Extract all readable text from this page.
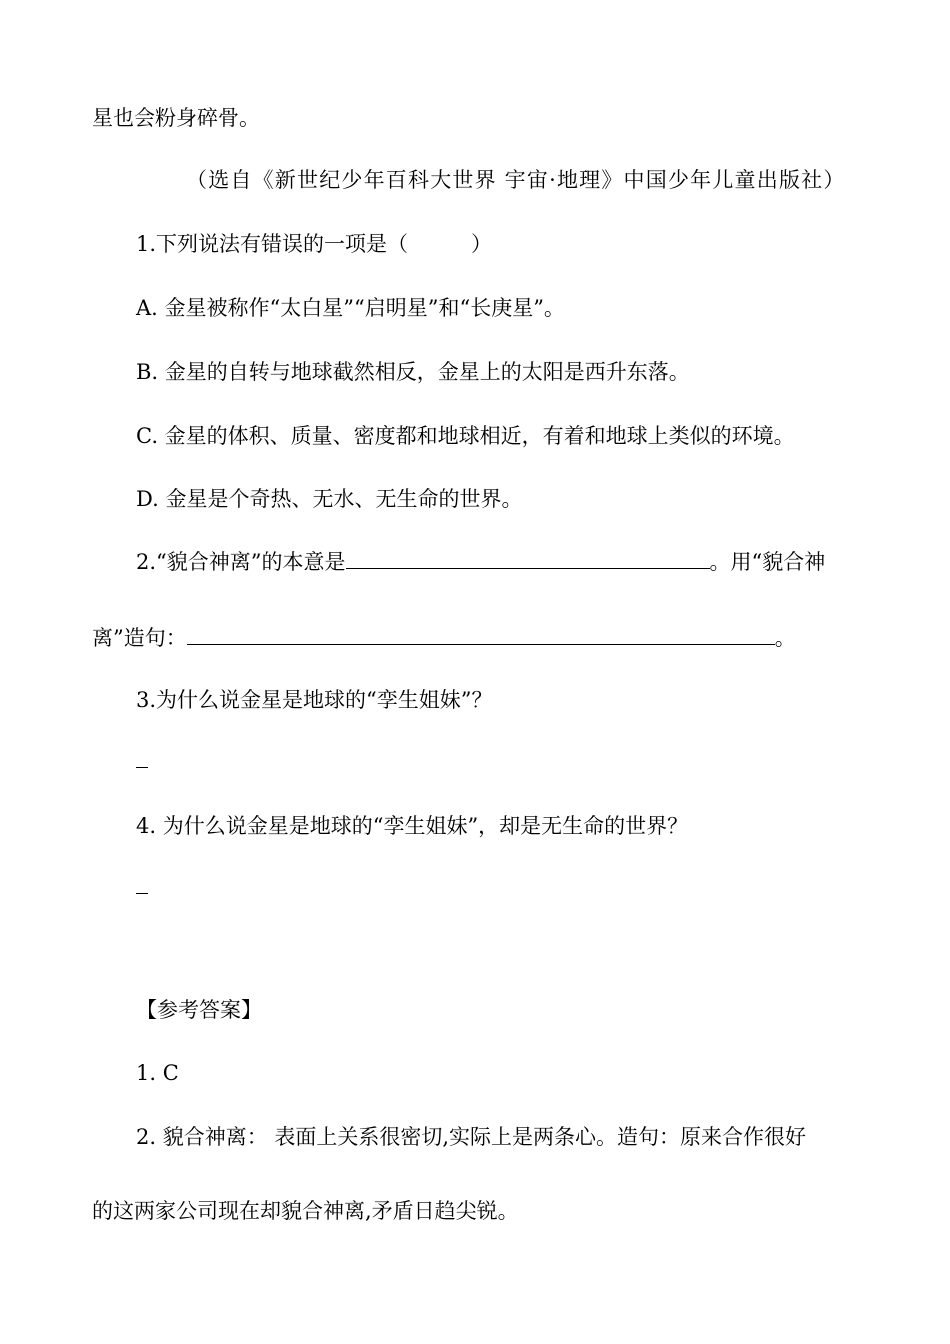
星也会粉身碎骨。
（选自《新世纪少年百科大世界 宇宙·地理》中国少年儿童出版社）
1.下列说法有错误的一项是（　　　）
A. 金星被称作“太白星”“启明星”和“长庚星”。
B. 金星的自转与地球截然相反，金星上的太阳是西升东落。
C. 金星的体积、质量、密度都和地球相近，有着和地球上类似的环境。
D. 金星是个奇热、无水、无生命的世界。
2.“貌合神离”的本意是	。用“貌合神
离”造句：	。
3.为什么说金星是地球的“孪生姐妹”？
4. 为什么说金星是地球的“孪生姐妹”，却是无生命的世界？
【参考答案】
1. C
2. 貌合神离： 表面上关系很密切,实际上是两条心。造句：原来合作很好
的这两家公司现在却貌合神离,矛盾日趋尖锐。
